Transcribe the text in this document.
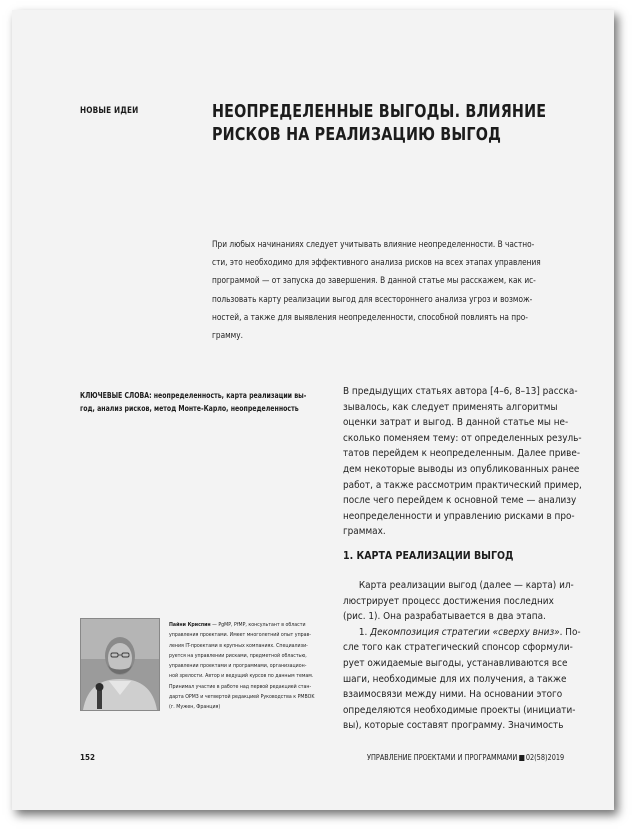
НОВЫЕ ИДЕИ	НЕОПРЕДЕЛЕННЫЕ ВЫГОДЫ. ВЛИЯНИЕ
РИСКОВ НА РЕАЛИЗАЦИЮ ВЫГОД
При любых начинаниях следует учитывать влияние неопределенности. В частно-
сти, это необходимо для эффективного анализа рисков на всех этапах управления
программой — от запуска до завершения. В данной статье мы расскажем, как ис-
пользовать карту реализации выгод для всестороннего анализа угроз и возмож-
ностей, а также для выявления неопределенности, способной повлиять на про-
грамму.
КЛЮЧЕВЫЕ СЛОВА: неопределенность, карта реализации вы-
год, анализ рисков, метод Монте-Карло, неопределенность
В предыдущих статьях автора [4–6, 8–13] расска-
зывалось, как следует применять алгоритмы
оценки затрат и выгод. В данной статье мы не-
сколько поменяем тему: от определенных резуль-
татов перейдем к неопределенным. Далее приве-
дем некоторые выводы из опубликованных ранее
работ, а также рассмотрим практический пример,
после чего перейдем к основной теме — анализу
неопределенности и управлению рисками в про-
граммах.
1. КАРТА РЕАЛИЗАЦИИ ВЫГОД
Карта реализации выгод (далее — карта) ил-
люстрирует процесс достижения последних
(рис. 1). Она разрабатывается в два этапа.
1. Декомпозиция стратегии «сверху вниз». По-
сле того как стратегический спонсор сформули-
рует ожидаемые выгоды, устанавливаются все
шаги, необходимые для их получения, а также
взаимосвязи между ними. На основании этого
определяются необходимые проекты (инициати-
вы), которые составят программу. Значимость
Пайни Криспин — PgMP, PfMP, консультант в области
управления проектами. Имеет многолетний опыт управ-
ления IT-проектами в крупных компаниях. Специализи-
руется на управлении рисками, предметной областью,
управлении проектами и программами, организацион-
ной зрелости. Автор и ведущий курсов по данным темам.
Принимал участие в работе над первой редакцией стан-
дарта OPM3 и четвертой редакцией Руководства к PMBOK
(г. Мужен, Франция)
152	УПРАВЛЕНИЕ ПРОЕКТАМИ И ПРОГРАММАМИ 02(58)2019
